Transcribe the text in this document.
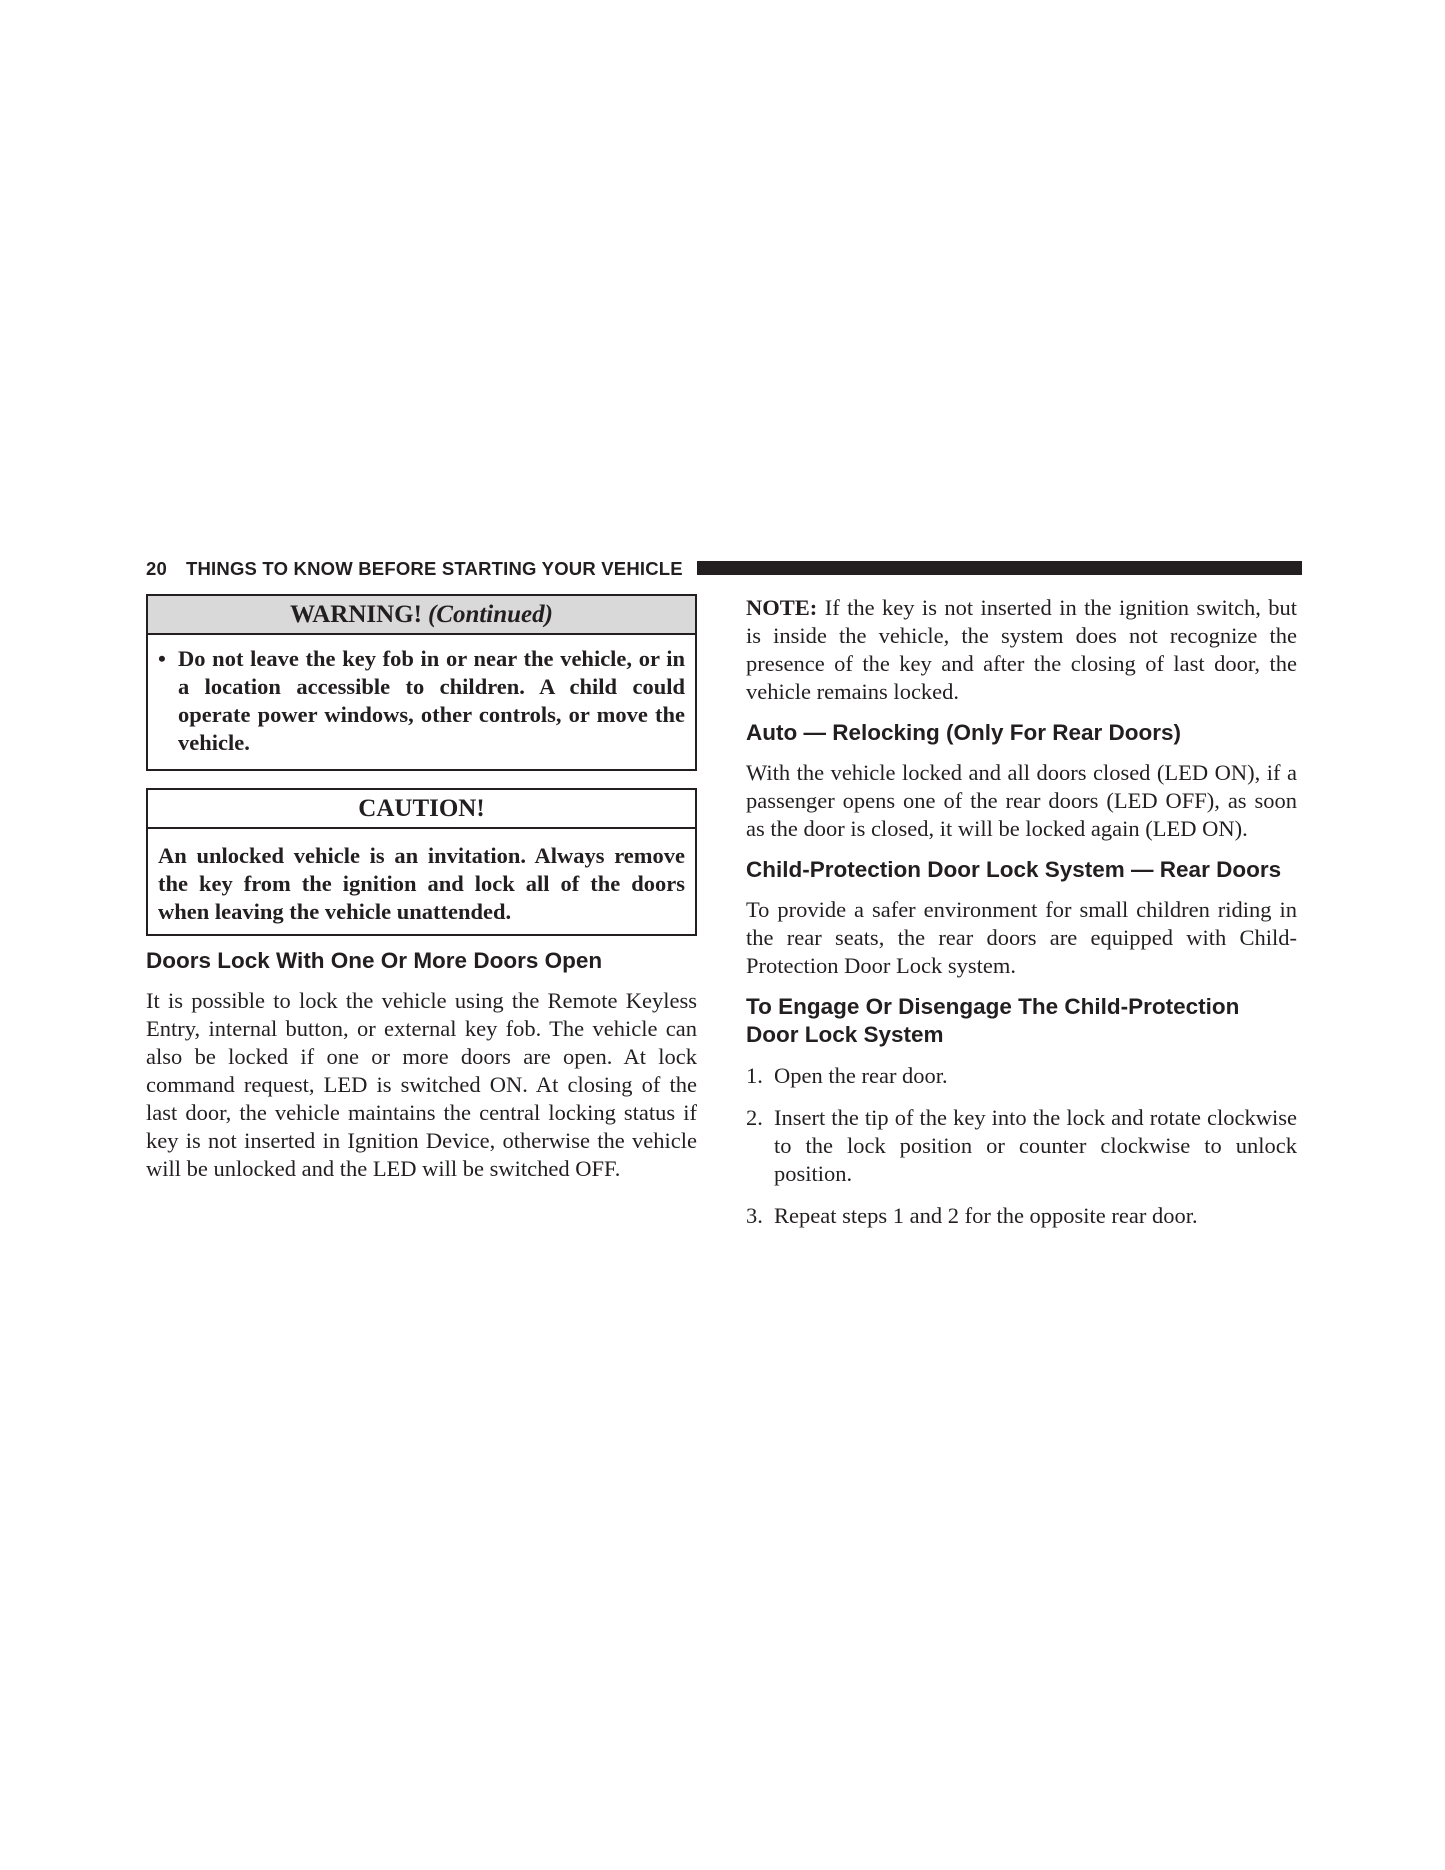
20 THINGS TO KNOW BEFORE STARTING YOUR VEHICLE
WARNING! (Continued)
• Do not leave the key fob in or near the vehicle, or in a location accessible to children. A child could operate power windows, other controls, or move the vehicle.
CAUTION!
An unlocked vehicle is an invitation. Always remove the key from the ignition and lock all of the doors when leaving the vehicle unattended.
Doors Lock With One Or More Doors Open

It is possible to lock the vehicle using the Remote Keyless Entry, internal button, or external key fob. The vehicle can also be locked if one or more doors are open. At lock command request, LED is switched ON. At closing of the last door, the vehicle maintains the central locking status if key is not inserted in Ignition Device, otherwise the vehicle will be unlocked and the LED will be switched OFF.

NOTE: If the key is not inserted in the ignition switch, but is inside the vehicle, the system does not recognize the presence of the key and after the closing of last door, the vehicle remains locked.

Auto — Relocking (Only For Rear Doors)

With the vehicle locked and all doors closed (LED ON), if a passenger opens one of the rear doors (LED OFF), as soon as the door is closed, it will be locked again (LED ON).

Child-Protection Door Lock System — Rear Doors

To provide a safer environment for small children riding in the rear seats, the rear doors are equipped with Child-Protection Door Lock system.

To Engage Or Disengage The Child-Protection Door Lock System
1. Open the rear door.
2. Insert the tip of the key into the lock and rotate clockwise to the lock position or counter clockwise to unlock position.
3. Repeat steps 1 and 2 for the opposite rear door.
